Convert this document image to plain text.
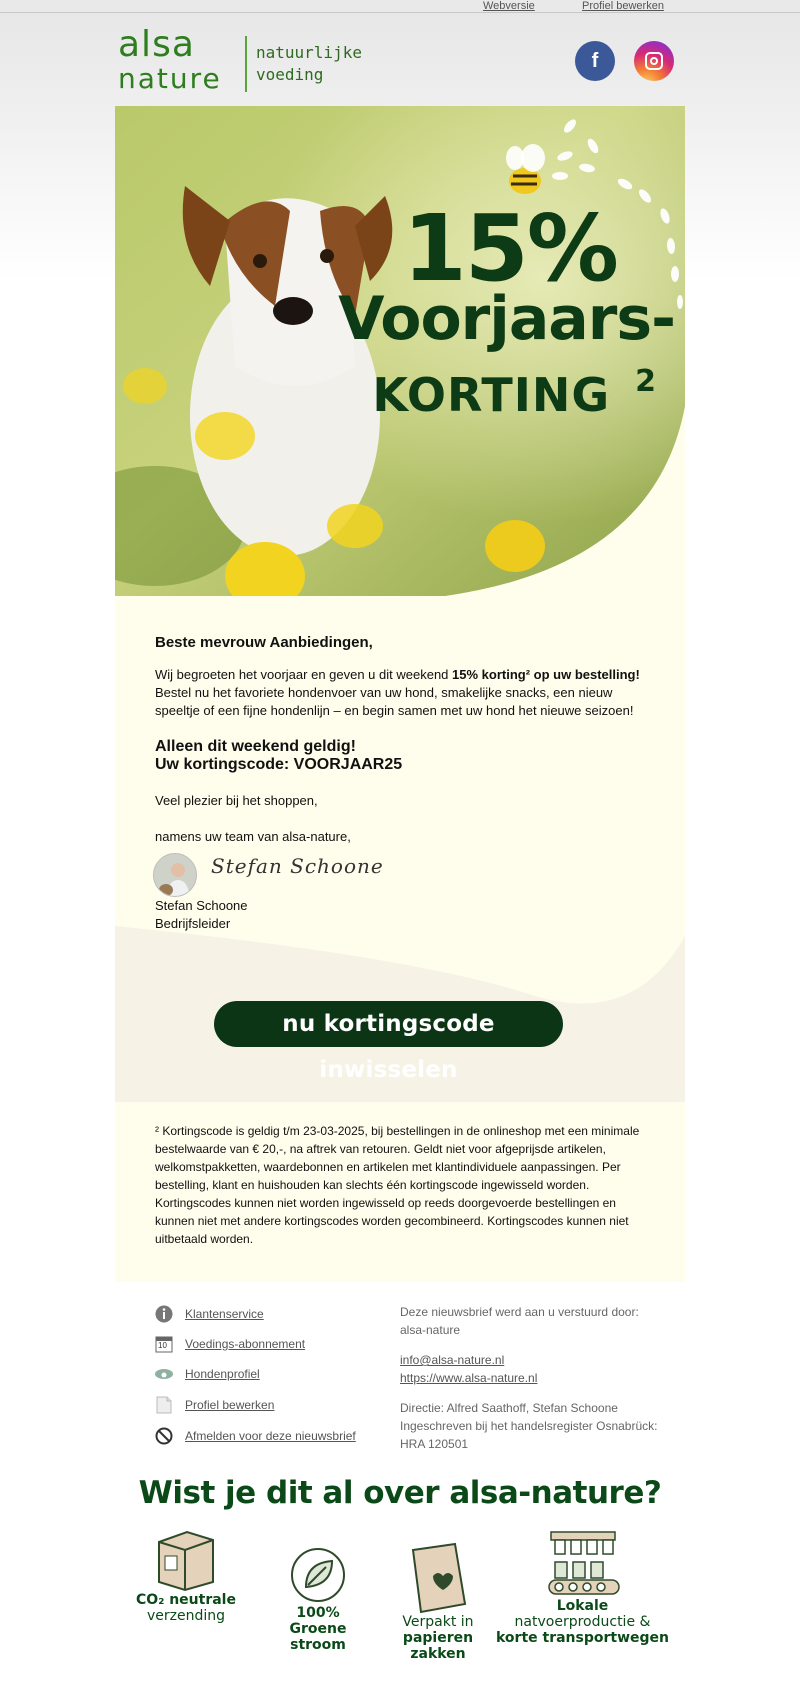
Webversie	Profiel bewerken
alsa
nature
natuurlijke
voeding
f
15%
Voorjaars-
KORTING $^2$
Beste mevrouw Aanbiedingen,
Wij begroeten het voorjaar en geven u dit weekend 15% korting² op uw bestelling! Bestel nu het favoriete hondenvoer van uw hond, smakelijke snacks, een nieuw speeltje of een fijne hondenlijn – en begin samen met uw hond het nieuwe seizoen!
Alleen dit weekend geldig!
Uw kortingscode: VOORJAAR25
Veel plezier bij het shoppen,
namens uw team van alsa-nature,
Stefan Schoone
Stefan Schoone
Bedrijfsleider
nu kortingscode inwisselen
² Kortingscode is geldig t/m 23-03-2025, bij bestellingen in de onlineshop met een minimale bestelwaarde van € 20,-, na aftrek van retouren. Geldt niet voor afgeprijsde artikelen, welkomstpakketten, waardebonnen en artikelen met klantindividuele aanpassingen. Per bestelling, klant en huishouden kan slechts één kortingscode ingewisseld worden. Kortingscodes kunnen niet worden ingewisseld op reeds doorgevoerde bestellingen en kunnen niet met andere kortingscodes worden gecombineerd. Kortingscodes kunnen niet uitbetaald worden.
Klantenservice
10 Voedings-abonnement
Hondenprofiel
Profiel bewerken
Afmelden voor deze nieuwsbrief
Deze nieuwsbrief werd aan u verstuurd door:
alsa-nature
info@alsa-nature.nl
https://www.alsa-nature.nl
Directie: Alfred Saathoff, Stefan Schoone
Ingeschreven bij het handelsregister Osnabrück:
HRA 120501
Wist je dit al over alsa-nature?
CO₂ neutrale
verzending	100%
Groene
stroom
Verpakt in
papieren
zakken
Lokale
natvoerproductie &
korte transportwegen
